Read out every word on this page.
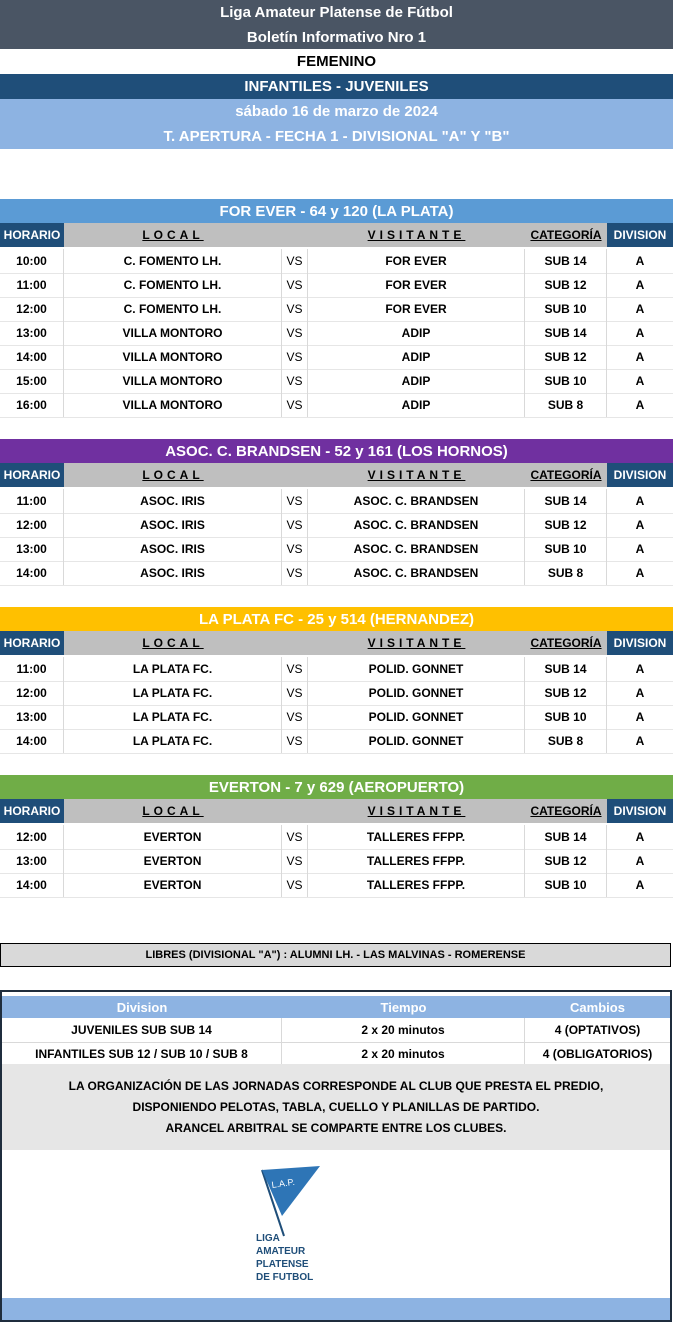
Liga Amateur Platense de Fútbol
Boletín Informativo Nro 1
FEMENINO
INFANTILES - JUVENILES
sábado 16 de marzo de 2024
T. APERTURA - FECHA 1 - DIVISIONAL "A" Y "B"
FOR EVER - 64 y 120 (LA PLATA)
HORARIO	LOCAL	VISITANTE	CATEGORÍA	DIVISION
10:00	C. FOMENTO LH.	VS	FOR EVER	SUB 14	A
11:00	C. FOMENTO LH.	VS	FOR EVER	SUB 12	A
12:00	C. FOMENTO LH.	VS	FOR EVER	SUB 10	A
13:00	VILLA MONTORO	VS	ADIP	SUB 14	A
14:00	VILLA MONTORO	VS	ADIP	SUB 12	A
15:00	VILLA MONTORO	VS	ADIP	SUB 10	A
16:00	VILLA MONTORO	VS	ADIP	SUB 8	A
ASOC. C. BRANDSEN - 52 y 161 (LOS HORNOS)
HORARIO	LOCAL	VISITANTE	CATEGORÍA	DIVISION
11:00	ASOC. IRIS	VS	ASOC. C. BRANDSEN	SUB 14	A
12:00	ASOC. IRIS	VS	ASOC. C. BRANDSEN	SUB 12	A
13:00	ASOC. IRIS	VS	ASOC. C. BRANDSEN	SUB 10	A
14:00	ASOC. IRIS	VS	ASOC. C. BRANDSEN	SUB 8	A
LA PLATA FC - 25 y 514 (HERNANDEZ)
HORARIO	LOCAL	VISITANTE	CATEGORÍA	DIVISION
11:00	LA PLATA FC.	VS	POLID. GONNET	SUB 14	A
12:00	LA PLATA FC.	VS	POLID. GONNET	SUB 12	A
13:00	LA PLATA FC.	VS	POLID. GONNET	SUB 10	A
14:00	LA PLATA FC.	VS	POLID. GONNET	SUB 8	A
EVERTON - 7 y 629 (AEROPUERTO)
HORARIO	LOCAL	VISITANTE	CATEGORÍA	DIVISION
12:00	EVERTON	VS	TALLERES FFPP.	SUB 14	A
13:00	EVERTON	VS	TALLERES FFPP.	SUB 12	A
14:00	EVERTON	VS	TALLERES FFPP.	SUB 10	A
LIBRES (DIVISIONAL "A") : ALUMNI LH. - LAS MALVINAS - ROMERENSE
Division	Tiempo	Cambios
JUVENILES SUB SUB 14	2 x 20 minutos	4 (OPTATIVOS)
INFANTILES SUB 12 / SUB 10 / SUB 8	2 x 20 minutos	4 (OBLIGATORIOS)
LA ORGANIZACIÓN DE LAS JORNADAS CORRESPONDE AL CLUB QUE PRESTA EL PREDIO,
DISPONIENDO PELOTAS, TABLA, CUELLO Y PLANILLAS DE PARTIDO.
ARANCEL ARBITRAL SE COMPARTE ENTRE LOS CLUBES.
L.A.P.
LIGA
AMATEUR
PLATENSE
DE FUTBOL
